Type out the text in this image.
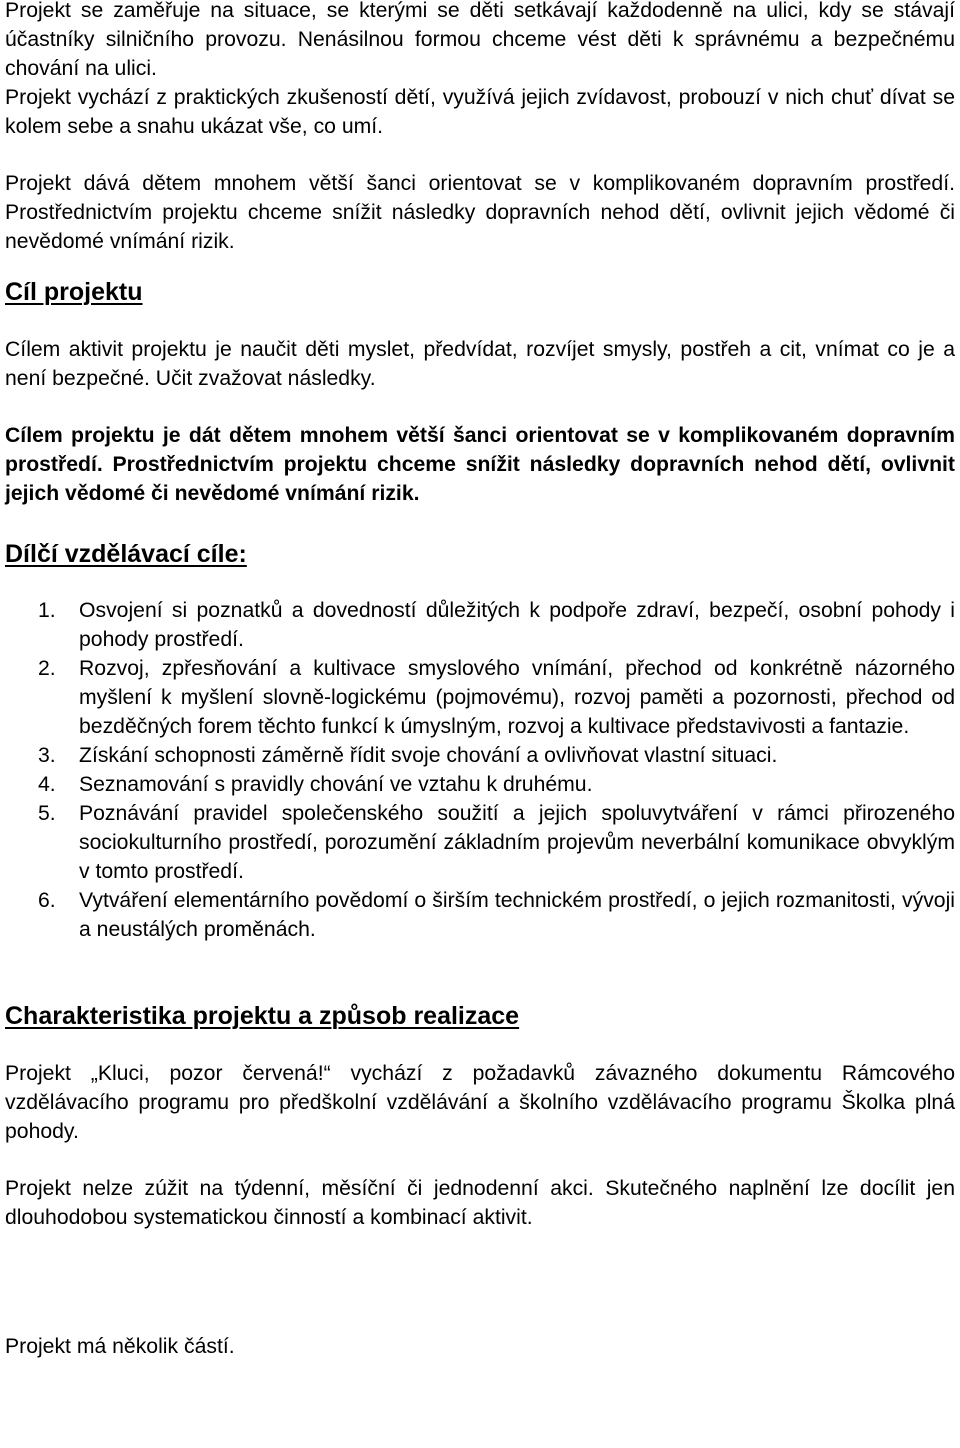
Projekt se zaměřuje na situace, se kterými se děti setkávají každodenně na ulici, kdy se stávají účastníky silničního provozu. Nenásilnou formou chceme vést děti k správnému a bezpečnému chování na ulici.

Projekt vychází z praktických zkušeností dětí, využívá jejich zvídavost, probouzí v nich chuť dívat se kolem sebe a snahu ukázat vše, co umí.

Projekt dává dětem mnohem větší šanci orientovat se v komplikovaném dopravním prostředí. Prostřednictvím projektu chceme snížit následky dopravních nehod dětí, ovlivnit jejich vědomé či nevědomé vnímání rizik.

Cíl projektu

Cílem aktivit projektu je naučit děti myslet, předvídat, rozvíjet smysly, postřeh a cit, vnímat co je a není bezpečné. Učit zvažovat následky.

Cílem projektu je dát dětem mnohem větší šanci orientovat se v komplikovaném dopravním prostředí. Prostřednictvím projektu chceme snížit následky dopravních nehod dětí, ovlivnit jejich vědomé či nevědomé vnímání rizik.

Dílčí vzdělávací cíle:
1. Osvojení si poznatků a dovedností důležitých k podpoře zdraví, bezpečí, osobní pohody i pohody prostředí.
2. Rozvoj, zpřesňování a kultivace smyslového vnímání, přechod od konkrétně názorného myšlení k myšlení slovně-logickému (pojmovému), rozvoj paměti a pozornosti, přechod od bezděčných forem těchto funkcí k úmyslným, rozvoj a kultivace představivosti a fantazie.
3. Získání schopnosti záměrně řídit svoje chování a ovlivňovat vlastní situaci.
4. Seznamování s pravidly chování ve vztahu k druhému.
5. Poznávání pravidel společenského soužití a jejich spoluvytváření v rámci přirozeného sociokulturního prostředí, porozumění základním projevům neverbální komunikace obvyklým v tomto prostředí.
6. Vytváření elementárního povědomí o širším technickém prostředí, o jejich rozmanitosti, vývoji a neustálých proměnách.
Charakteristika projektu a způsob realizace

Projekt „Kluci, pozor červená!“ vychází z požadavků závazného dokumentu Rámcového vzdělávacího programu pro předškolní vzdělávání a školního vzdělávacího programu Školka plná pohody.

Projekt nelze zúžit na týdenní, měsíční či jednodenní akci. Skutečného naplnění lze docílit jen dlouhodobou systematickou činností a kombinací aktivit.

Projekt má několik částí.
